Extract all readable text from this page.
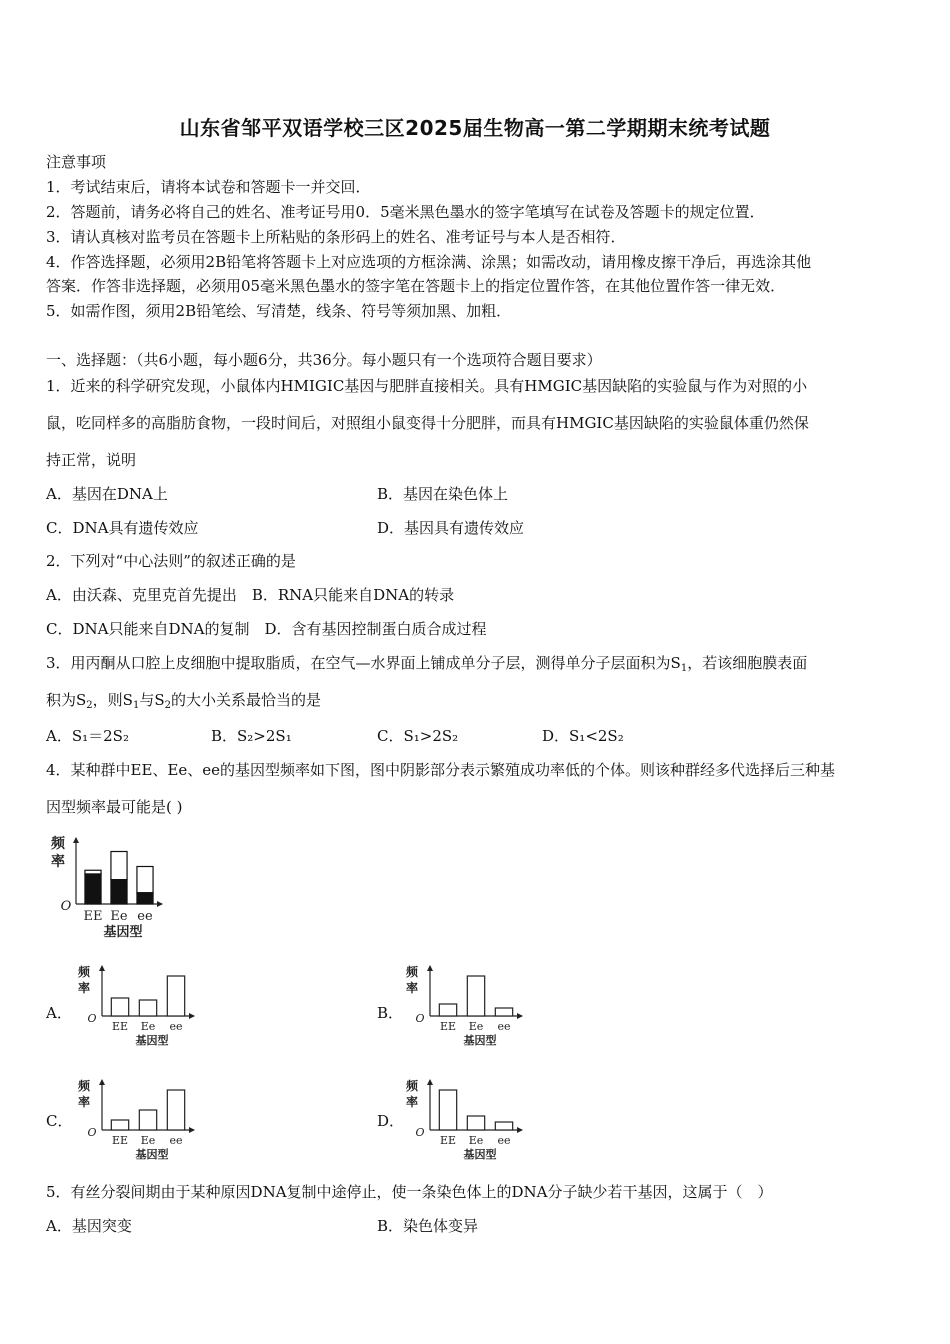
山东省邹平双语学校三区2025届生物高一第二学期期末统考试题
注意事项
1．考试结束后，请将本试卷和答题卡一并交回．
2．答题前，请务必将自己的姓名、准考证号用0．5毫米黑色墨水的签字笔填写在试卷及答题卡的规定位置．
3．请认真核对监考员在答题卡上所粘贴的条形码上的姓名、准考证号与本人是否相符．
4．作答选择题，必须用2B铅笔将答题卡上对应选项的方框涂满、涂黑；如需改动，请用橡皮擦干净后，再选涂其他
答案．作答非选择题，必须用05毫米黑色墨水的签字笔在答题卡上的指定位置作答，在其他位置作答一律无效．
5．如需作图，须用2B铅笔绘、写清楚，线条、符号等须加黑、加粗．
一、选择题：（共6小题，每小题6分，共36分。每小题只有一个选项符合题目要求）
1．近来的科学研究发现，小鼠体内HMIGIC基因与肥胖直接相关。具有HMGIC基因缺陷的实验鼠与作为对照的小
鼠，吃同样多的高脂肪食物，一段时间后，对照组小鼠变得十分肥胖，而具有HMGIC基因缺陷的实验鼠体重仍然保
持正常，说明
A．基因在DNA上	B．基因在染色体上
C．DNA具有遗传效应	D．基因具有遗传效应
2．下列对“中心法则”的叙述正确的是
A．由沃森、克里克首先提出　B．RNA只能来自DNA的转录
C．DNA只能来自DNA的复制　D．含有基因控制蛋白质合成过程
3．用丙酮从口腔上皮细胞中提取脂质，在空气—水界面上铺成单分子层，测得单分子层面积为$S_1$，若该细胞膜表面
积为$S_2$，则$S_1$与$S_2$的大小关系最恰当的是
A．S₁＝2S₂	B．S₂>2S₁	C．S₁>2S₂	D．S₁<2S₂
4．某种群中EE、Ee、ee的基因型频率如下图，图中阴影部分表示繁殖成功率低的个体。则该种群经多代选择后三种基
因型频率最可能是( )
频
率
O
EE Ee ee
基因型
A．
频
率
O
EE Ee ee
基因型
B．
频
率
O
EE Ee ee
基因型
C．
频
率
O
EE Ee ee
基因型
D．
频
率
O
EE Ee ee
基因型
5．有丝分裂间期由于某种原因DNA复制中途停止，使一条染色体上的DNA分子缺少若干基因，这属于（　）
A．基因突变	B．染色体变异
